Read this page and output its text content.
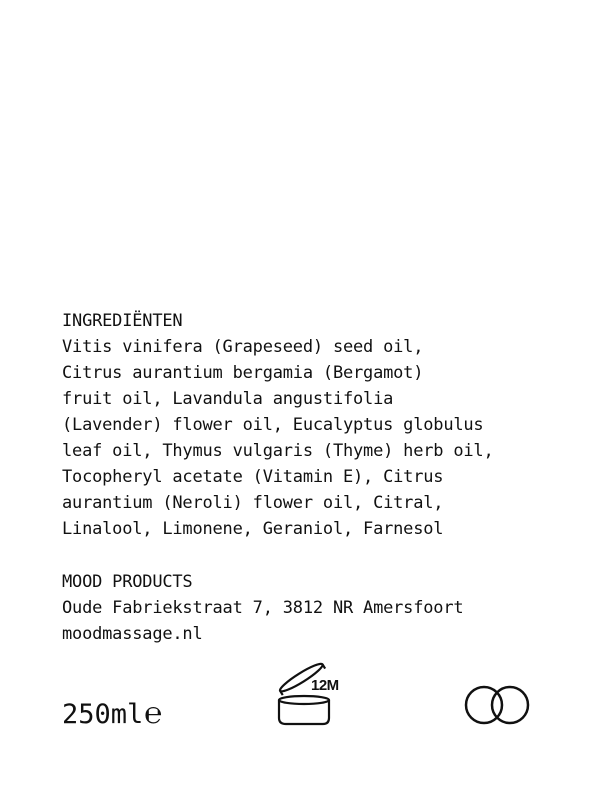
INGREDIËNTEN

Vitis vinifera (Grapeseed) seed oil,
Citrus aurantium bergamia (Bergamot)
fruit oil, Lavandula angustifolia
(Lavender) flower oil, Eucalyptus globulus
leaf oil, Thymus vulgaris (Thyme) herb oil,
Tocopheryl acetate (Vitamin E), Citrus
aurantium (Neroli) flower oil, Citral,
Linalool, Limonene, Geraniol, Farnesol

MOOD PRODUCTS

Oude Fabriekstraat 7, 3812 NR Amersfoort

moodmassage.nl

250ml ℮
12M
